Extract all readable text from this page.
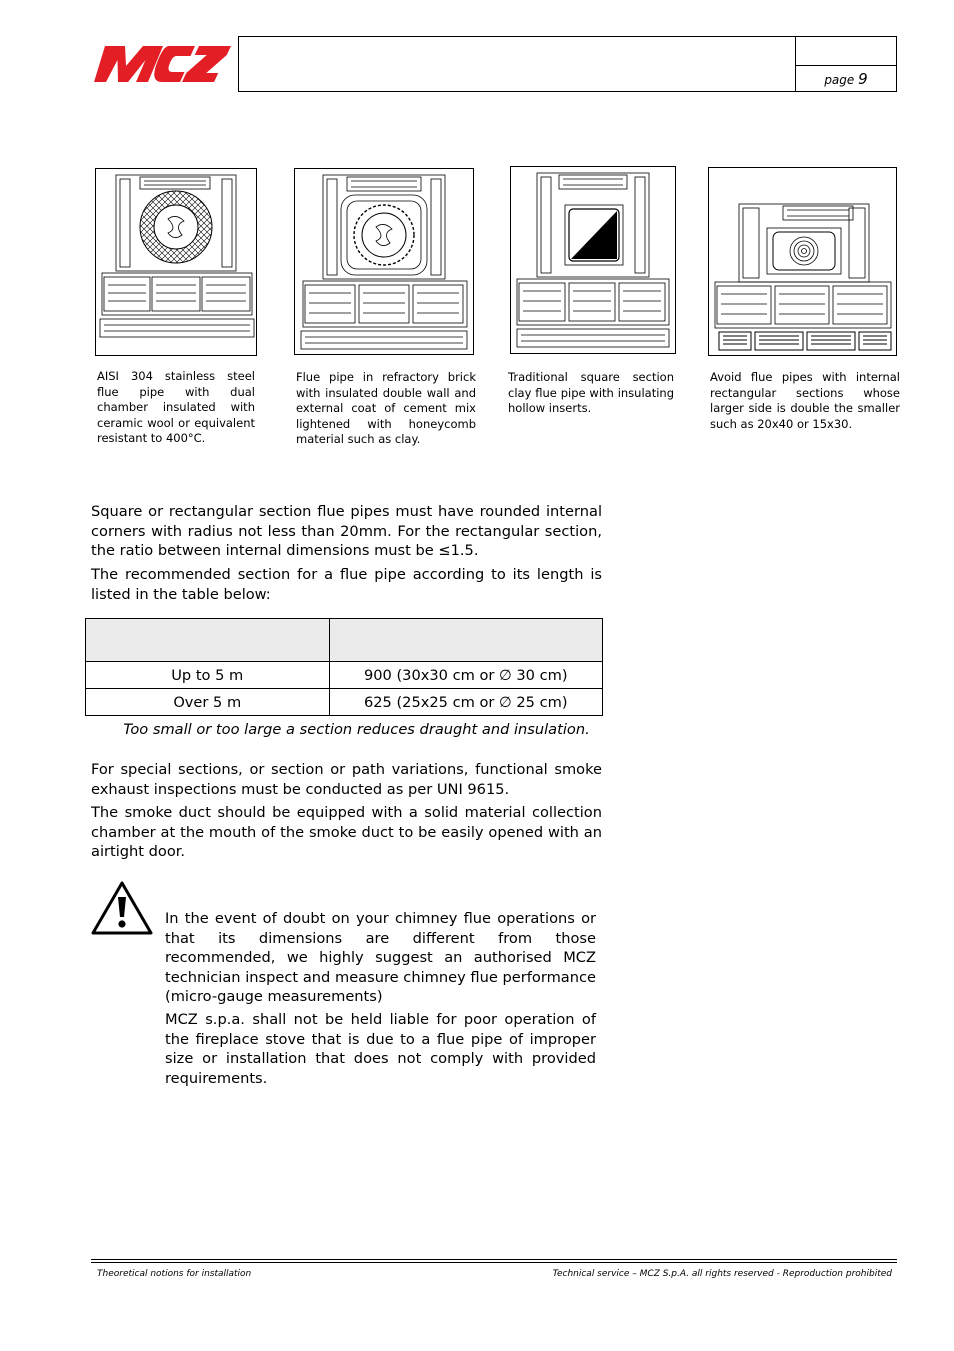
page 9
AISI 304 stainless steel flue pipe with dual chamber insulated with ceramic wool or equivalent resistant to 400°C.
Flue pipe in refractory brick with insulated double wall and external coat of cement mix lightened with honeycomb material such as clay.
Traditional square section clay flue pipe with insulating hollow inserts.
Avoid flue pipes with internal rectangular sections whose larger side is double the smaller such as 20x40 or 15x30.

Square or rectangular section flue pipes must have rounded internal corners with radius not less than 20mm. For the rectangular section, the ratio between internal dimensions must be ≤1.5.

The recommended section for a flue pipe according to its length is listed in the table below:

Up to 5 m	900 (30x30 cm or ∅ 30 cm)
Over 5 m	625 (25x25 cm or ∅ 25 cm)
Too small or too large a section reduces draught and insulation.

For special sections, or section or path variations, functional smoke exhaust inspections must be conducted as per UNI 9615.

The smoke duct should be equipped with a solid material collection chamber at the mouth of the smoke duct to be easily opened with an airtight door.

In the event of doubt on your chimney flue operations or that its dimensions are different from those recommended, we highly suggest an authorised MCZ technician inspect and measure chimney flue performance (micro-gauge measurements)

MCZ s.p.a. shall not be held liable for poor operation of the fireplace stove that is due to a flue pipe of improper size or installation that does not comply with provided requirements.

Theoretical notions for installation	Technical service – MCZ S.p.A. all rights reserved - Reproduction prohibited
